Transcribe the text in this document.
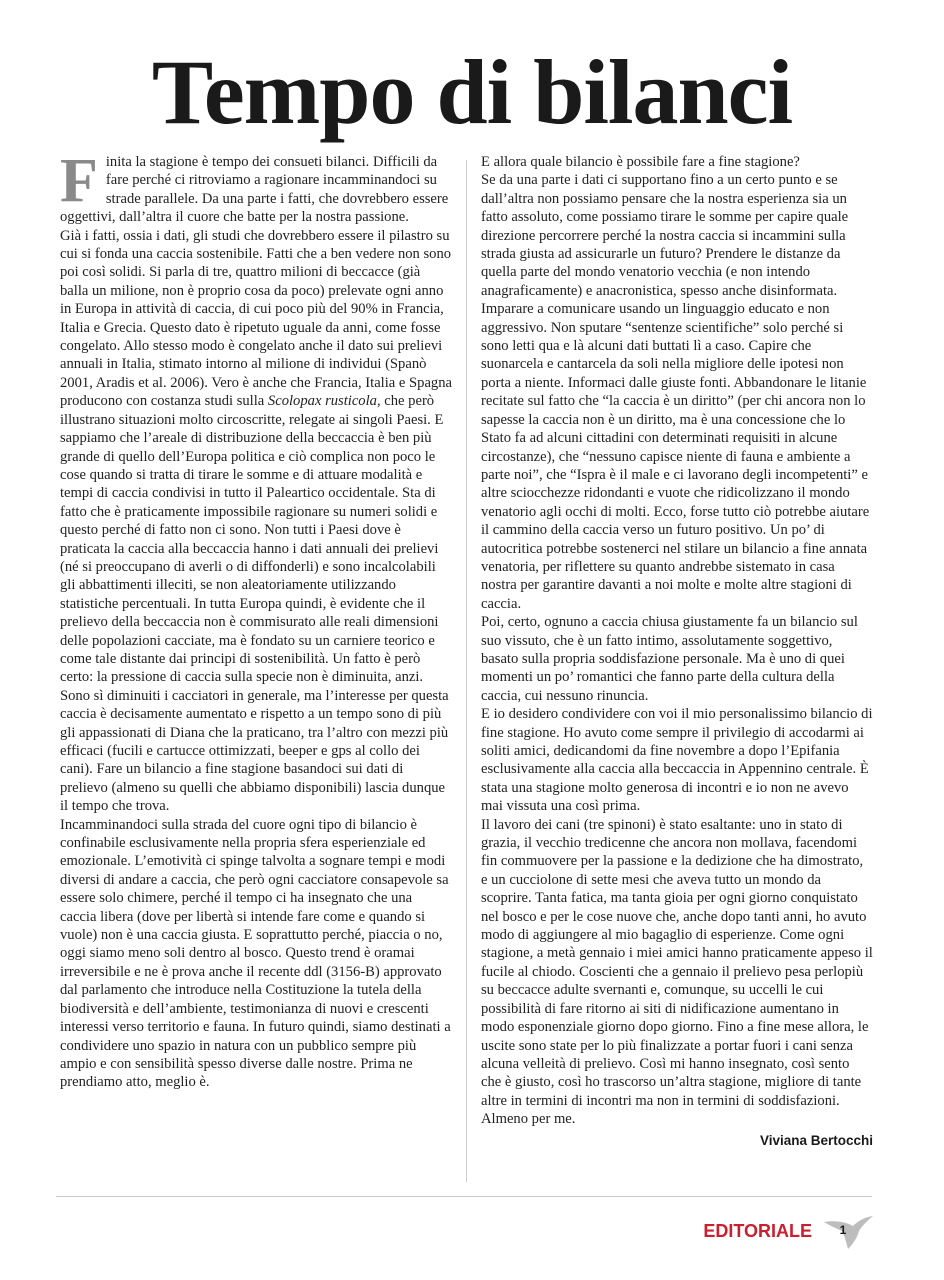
Tempo di bilanci

Finita la stagione è tempo dei consueti bilanci. Difficili da fare perché ci ritroviamo a ragionare incamminandoci su strade parallele. Da una parte i fatti, che dovrebbero essere oggettivi, dall’altra il cuore che batte per la nostra passione.

Già i fatti, ossia i dati, gli studi che dovrebbero essere il pilastro su cui si fonda una caccia sostenibile. Fatti che a ben vedere non sono poi così solidi. Si parla di tre, quattro milioni di beccacce (già balla un milione, non è proprio cosa da poco) prelevate ogni anno in Europa in attività di caccia, di cui poco più del 90% in Francia, Italia e Grecia. Questo dato è ripetuto uguale da anni, come fosse congelato. Allo stesso modo è congelato anche il dato sui prelievi annuali in Italia, stimato intorno al milione di individui (Spanò 2001, Aradis et al. 2006). Vero è anche che Francia, Italia e Spagna producono con costanza studi sulla Scolopax rusticola, che però illustrano situazioni molto circoscritte, relegate ai singoli Paesi. E sappiamo che l’areale di distribuzione della beccaccia è ben più grande di quello dell’Europa politica e ciò complica non poco le cose quando si tratta di tirare le somme e di attuare modalità e tempi di caccia condivisi in tutto il Paleartico occidentale. Sta di fatto che è praticamente impossibile ragionare su numeri solidi e questo perché di fatto non ci sono. Non tutti i Paesi dove è praticata la caccia alla beccaccia hanno i dati annuali dei prelievi (né si preoccupano di averli o di diffonderli) e sono incalcolabili gli abbattimenti illeciti, se non aleatoriamente utilizzando statistiche percentuali. In tutta Europa quindi, è evidente che il prelievo della beccaccia non è commisurato alle reali dimensioni delle popolazioni cacciate, ma è fondato su un carniere teorico e come tale distante dai principi di sostenibilità. Un fatto è però certo: la pressione di caccia sulla specie non è diminuita, anzi. Sono sì diminuiti i cacciatori in generale, ma l’interesse per questa caccia è decisamente aumentato e rispetto a un tempo sono di più gli appassionati di Diana che la praticano, tra l’altro con mezzi più efficaci (fucili e cartucce ottimizzati, beeper e gps al collo dei cani). Fare un bilancio a fine stagione basandoci sui dati di prelievo (almeno su quelli che abbiamo disponibili) lascia dunque il tempo che trova.

Incamminandoci sulla strada del cuore ogni tipo di bilancio è confinabile esclusivamente nella propria sfera esperienziale ed emozionale. L’emotività ci spinge talvolta a sognare tempi e modi diversi di andare a caccia, che però ogni cacciatore consapevole sa essere solo chimere, perché il tempo ci ha insegnato che una caccia libera (dove per libertà si intende fare come e quando si vuole) non è una caccia giusta. E soprattutto perché, piaccia o no, oggi siamo meno soli dentro al bosco. Questo trend è oramai irreversibile e ne è prova anche il recente ddl (3156-B) approvato dal parlamento che introduce nella Costituzione la tutela della biodiversità e dell’ambiente, testimonianza di nuovi e crescenti interessi verso territorio e fauna. In futuro quindi, siamo destinati a condividere uno spazio in natura con un pubblico sempre più ampio e con sensibilità spesso diverse dalle nostre. Prima ne prendiamo atto, meglio è.

E allora quale bilancio è possibile fare a fine stagione?

Se da una parte i dati ci supportano fino a un certo punto e se dall’altra non possiamo pensare che la nostra esperienza sia un fatto assoluto, come possiamo tirare le somme per capire quale direzione percorrere perché la nostra caccia si incammini sulla strada giusta ad assicurarle un futuro? Prendere le distanze da quella parte del mondo venatorio vecchia (e non intendo anagraficamente) e anacronistica, spesso anche disinformata. Imparare a comunicare usando un linguaggio educato e non aggressivo. Non sputare “sentenze scientifiche” solo perché si sono letti qua e là alcuni dati buttati lì a caso. Capire che suonarcela e cantarcela da soli nella migliore delle ipotesi non porta a niente. Informaci dalle giuste fonti. Abbandonare le litanie recitate sul fatto che “la caccia è un diritto” (per chi ancora non lo sapesse la caccia non è un diritto, ma è una concessione che lo Stato fa ad alcuni cittadini con determinati requisiti in alcune circostanze), che “nessuno capisce niente di fauna e ambiente a parte noi”, che “Ispra è il male e ci lavorano degli incompetenti” e altre sciocchezze ridondanti e vuote che ridicolizzano il mondo venatorio agli occhi di molti. Ecco, forse tutto ciò potrebbe aiutare il cammino della caccia verso un futuro positivo. Un po’ di autocritica potrebbe sostenerci nel stilare un bilancio a fine annata venatoria, per riflettere su quanto andrebbe sistemato in casa nostra per garantire davanti a noi molte e molte altre stagioni di caccia.

Poi, certo, ognuno a caccia chiusa giustamente fa un bilancio sul suo vissuto, che è un fatto intimo, assolutamente soggettivo, basato sulla propria soddisfazione personale. Ma è uno di quei momenti un po’ romantici che fanno parte della cultura della caccia, cui nessuno rinuncia.

E io desidero condividere con voi il mio personalissimo bilancio di fine stagione. Ho avuto come sempre il privilegio di accodarmi ai soliti amici, dedicandomi da fine novembre a dopo l’Epifania esclusivamente alla caccia alla beccaccia in Appennino centrale. È stata una stagione molto generosa di incontri e io non ne avevo mai vissuta una così prima.

Il lavoro dei cani (tre spinoni) è stato esaltante: uno in stato di grazia, il vecchio tredicenne che ancora non mollava, facendomi fin commuovere per la passione e la dedizione che ha dimostrato, e un cucciolone di sette mesi che aveva tutto un mondo da scoprire. Tanta fatica, ma tanta gioia per ogni giorno conquistato nel bosco e per le cose nuove che, anche dopo tanti anni, ho avuto modo di aggiungere al mio bagaglio di esperienze. Come ogni stagione, a metà gennaio i miei amici hanno praticamente appeso il fucile al chiodo. Coscienti che a gennaio il prelievo pesa perlopiù su beccacce adulte svernanti e, comunque, su uccelli le cui possibilità di fare ritorno ai siti di nidificazione aumentano in modo esponenziale giorno dopo giorno. Fino a fine mese allora, le uscite sono state per lo più finalizzate a portar fuori i cani senza alcuna velleità di prelievo. Così mi hanno insegnato, così sento che è giusto, così ho trascorso un’altra stagione, migliore di tante altre in termini di incontri ma non in termini di soddisfazioni. Almeno per me.

Viviana Bertocchi
EDITORIALE	1
